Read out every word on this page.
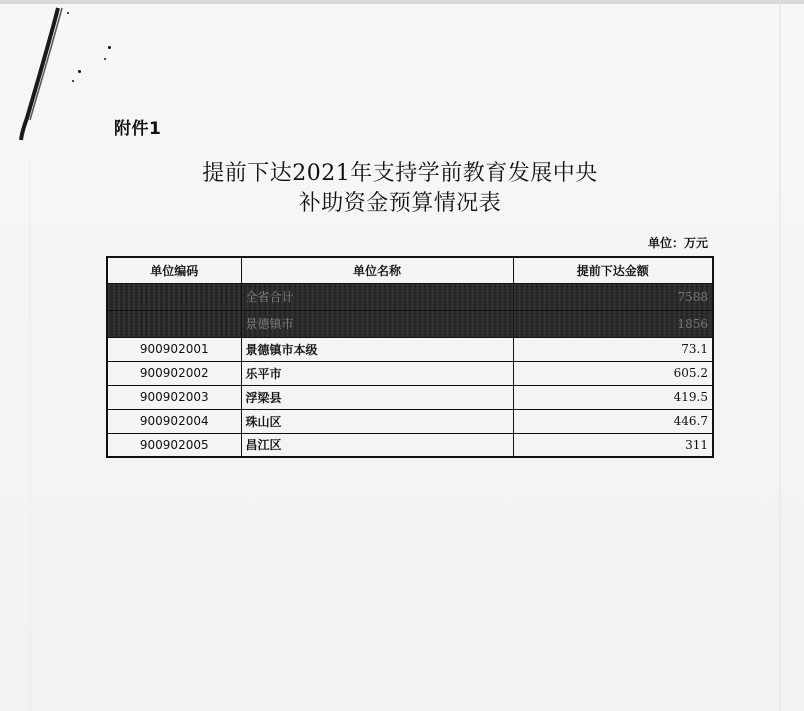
附件1
提前下达2021年支持学前教育发展中央
补助资金预算情况表
单位：万元
单位编码	单位名称	提前下达金额
	全省合计	7588
	景德镇市	1856
900902001	景德镇市本级	73.1
900902002	乐平市	605.2
900902003	浮梁县	419.5
900902004	珠山区	446.7
900902005	昌江区	311
